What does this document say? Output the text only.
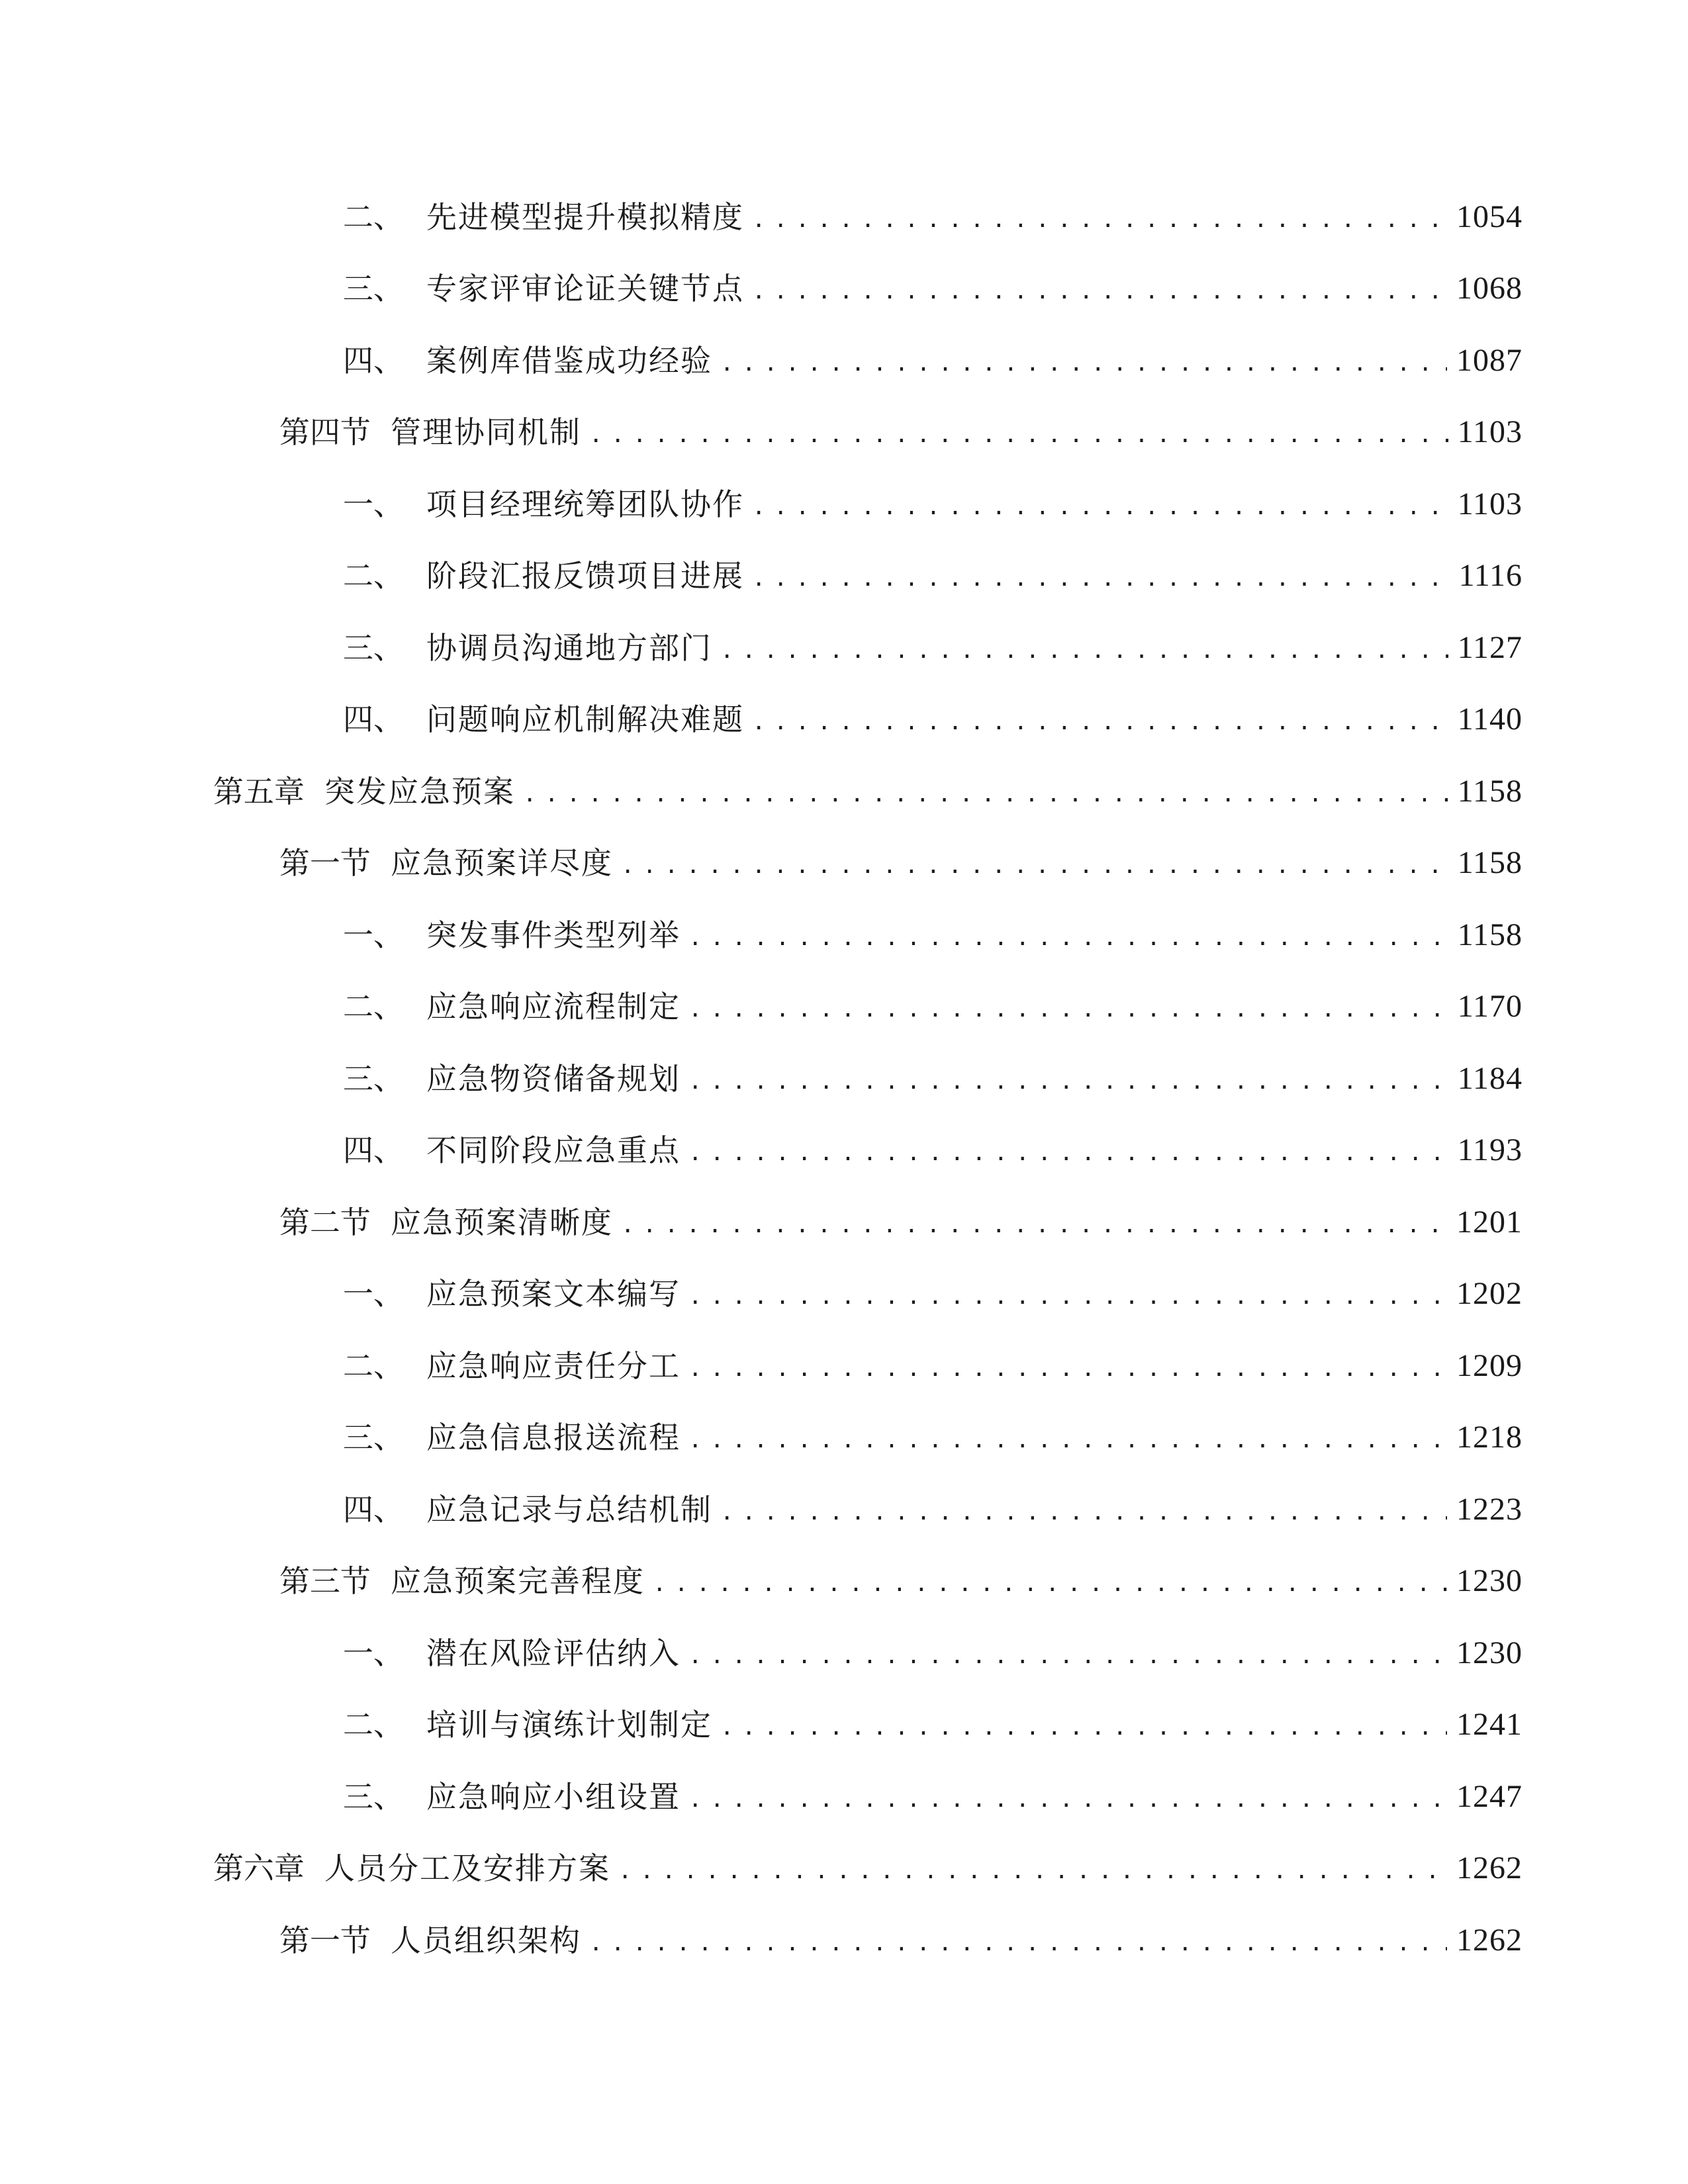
二、 先进模型提升模拟精度 .....	1054
三、 专家评审论证关键节点 .....	1068
四、 案例库借鉴成功经验 .....	1087
第四节 管理协同机制 .....	1103
一、 项目经理统筹团队协作 .....	1103
二、 阶段汇报反馈项目进展 .....	1116
三、 协调员沟通地方部门 .....	1127
四、 问题响应机制解决难题 .....	1140
第五章 突发应急预案 .....	1158
第一节 应急预案详尽度 .....	1158
一、 突发事件类型列举 .....	1158
二、 应急响应流程制定 .....	1170
三、 应急物资储备规划 .....	1184
四、 不同阶段应急重点 .....	1193
第二节 应急预案清晰度 .....	1201
一、 应急预案文本编写 .....	1202
二、 应急响应责任分工 .....	1209
三、 应急信息报送流程 .....	1218
四、 应急记录与总结机制 .....	1223
第三节 应急预案完善程度 .....	1230
一、 潜在风险评估纳入 .....	1230
二、 培训与演练计划制定 .....	1241
三、 应急响应小组设置 .....	1247
第六章 人员分工及安排方案 .....	1262
第一节 人员组织架构 .....	1262
